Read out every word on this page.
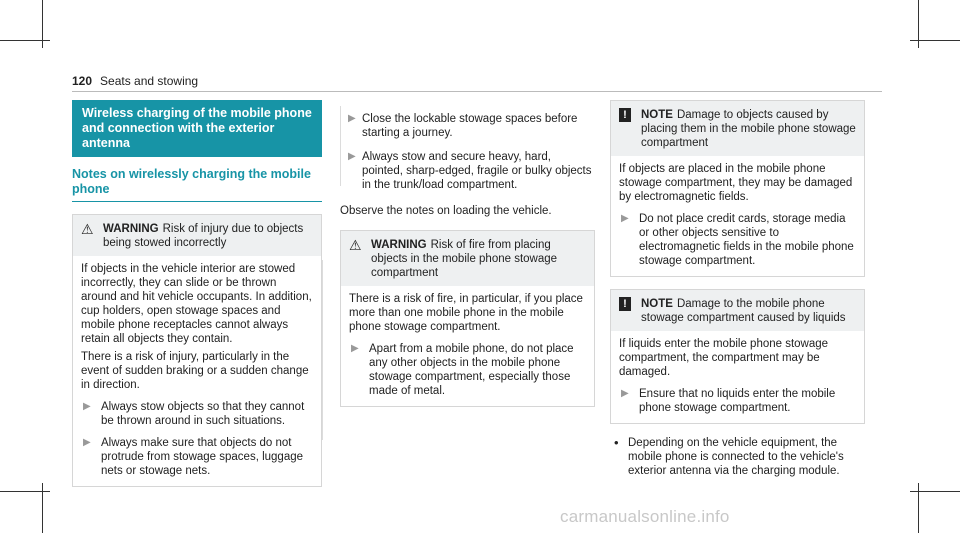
120 Seats and stowing
Wireless charging of the mobile phone and connection with the exterior antenna
Notes on wirelessly charging the mobile phone
⚠ WARNING Risk of injury due to objects being stowed incorrectly
If objects in the vehicle interior are stowed incorrectly, they can slide or be thrown around and hit vehicle occupants. In addition, cup holders, open stowage spaces and mobile phone receptacles cannot always retain all objects they contain.
There is a risk of injury, particularly in the event of sudden braking or a sudden change in direction.
▶ Always stow objects so that they cannot be thrown around in such situations.
▶ Always make sure that objects do not protrude from stowage spaces, luggage nets or stowage nets.
▶ Close the lockable stowage spaces before starting a journey.
▶ Always stow and secure heavy, hard, pointed, sharp-edged, fragile or bulky objects in the trunk/load compartment.
Observe the notes on loading the vehicle.
⚠ WARNING Risk of fire from placing objects in the mobile phone stowage compartment
There is a risk of fire, in particular, if you place more than one mobile phone in the mobile phone stowage compartment.
▶ Apart from a mobile phone, do not place any other objects in the mobile phone stowage compartment, especially those made of metal.
!	NOTE Damage to objects caused by placing them in the mobile phone stowage compartment
If objects are placed in the mobile phone stowage compartment, they may be damaged by electromagnetic fields.
▶ Do not place credit cards, storage media or other objects sensitive to electromagnetic fields in the mobile phone stowage compartment.
!	NOTE Damage to the mobile phone stowage compartment caused by liquids
If liquids enter the mobile phone stowage compartment, the compartment may be damaged.
▶ Ensure that no liquids enter the mobile phone stowage compartment.
• Depending on the vehicle equipment, the mobile phone is connected to the vehicle's exterior antenna via the charging module.
carmanualsonline.info
